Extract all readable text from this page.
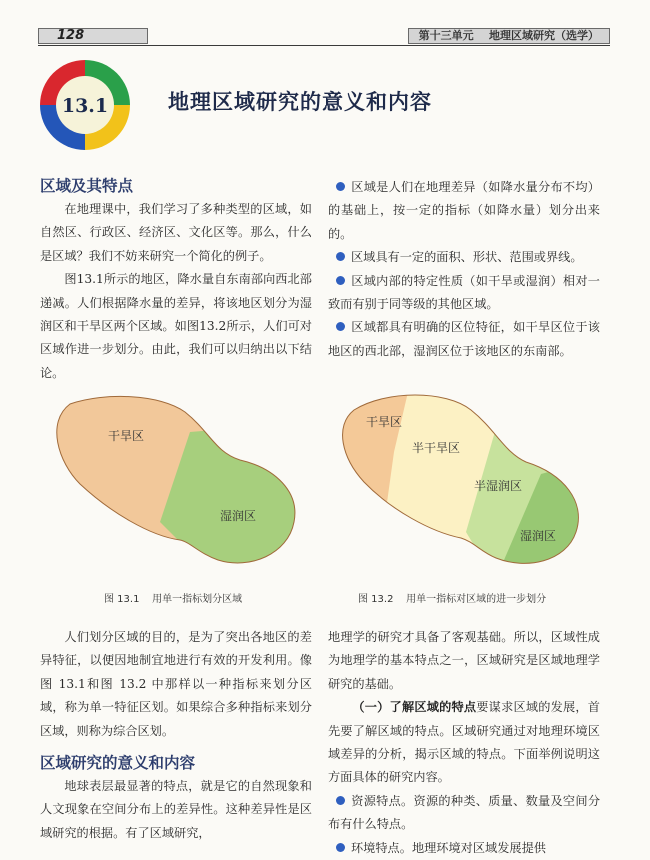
128	第十三单元    地理区域研究（选学）
13.1	地理区域研究的意义和内容
区域及其特点

在地理课中，我们学习了多种类型的区域，如自然区、行政区、经济区、文化区等。那么，什么是区域？我们不妨来研究一个简化的例子。

图13.1所示的地区，降水量自东南部向西北部递减。人们根据降水量的差异，将该地区划分为湿润区和干旱区两个区域。如图13.2所示，人们可对区域作进一步划分。由此，我们可以归纳出以下结论。

区域是人们在地理差异（如降水量分布不均）的基础上，按一定的指标（如降水量）划分出来的。

区域具有一定的面积、形状、范围或界线。

区域内部的特定性质（如干旱或湿润）相对一致而有别于同等级的其他区域。

区域都具有明确的区位特征，如干旱区位于该地区的西北部，湿润区位于该地区的东南部。

干旱区
湿润区
图 13.1    用单一指标划分区域
干旱区
半干旱区
半湿润区
湿润区
图 13.2    用单一指标对区域的进一步划分

人们划分区域的目的，是为了突出各地区的差异特征，以便因地制宜地进行有效的开发利用。像图 13.1和图 13.2 中那样以一种指标来划分区域，称为单一特征区划。如果综合多种指标来划分区域，则称为综合区划。

区域研究的意义和内容

地球表层最显著的特点，就是它的自然现象和人文现象在空间分布上的差异性。这种差异性是区域研究的根据。有了区域研究，

地理学的研究才具备了客观基础。所以，区域性成为地理学的基本特点之一，区域研究是区域地理学研究的基础。

（一）了解区域的特点要谋求区域的发展，首先要了解区域的特点。区域研究通过对地理环境区域差异的分析，揭示区域的特点。下面举例说明这方面具体的研究内容。

资源特点。资源的种类、质量、数量及空间分布有什么特点。

环境特点。地理环境对区域发展提供
